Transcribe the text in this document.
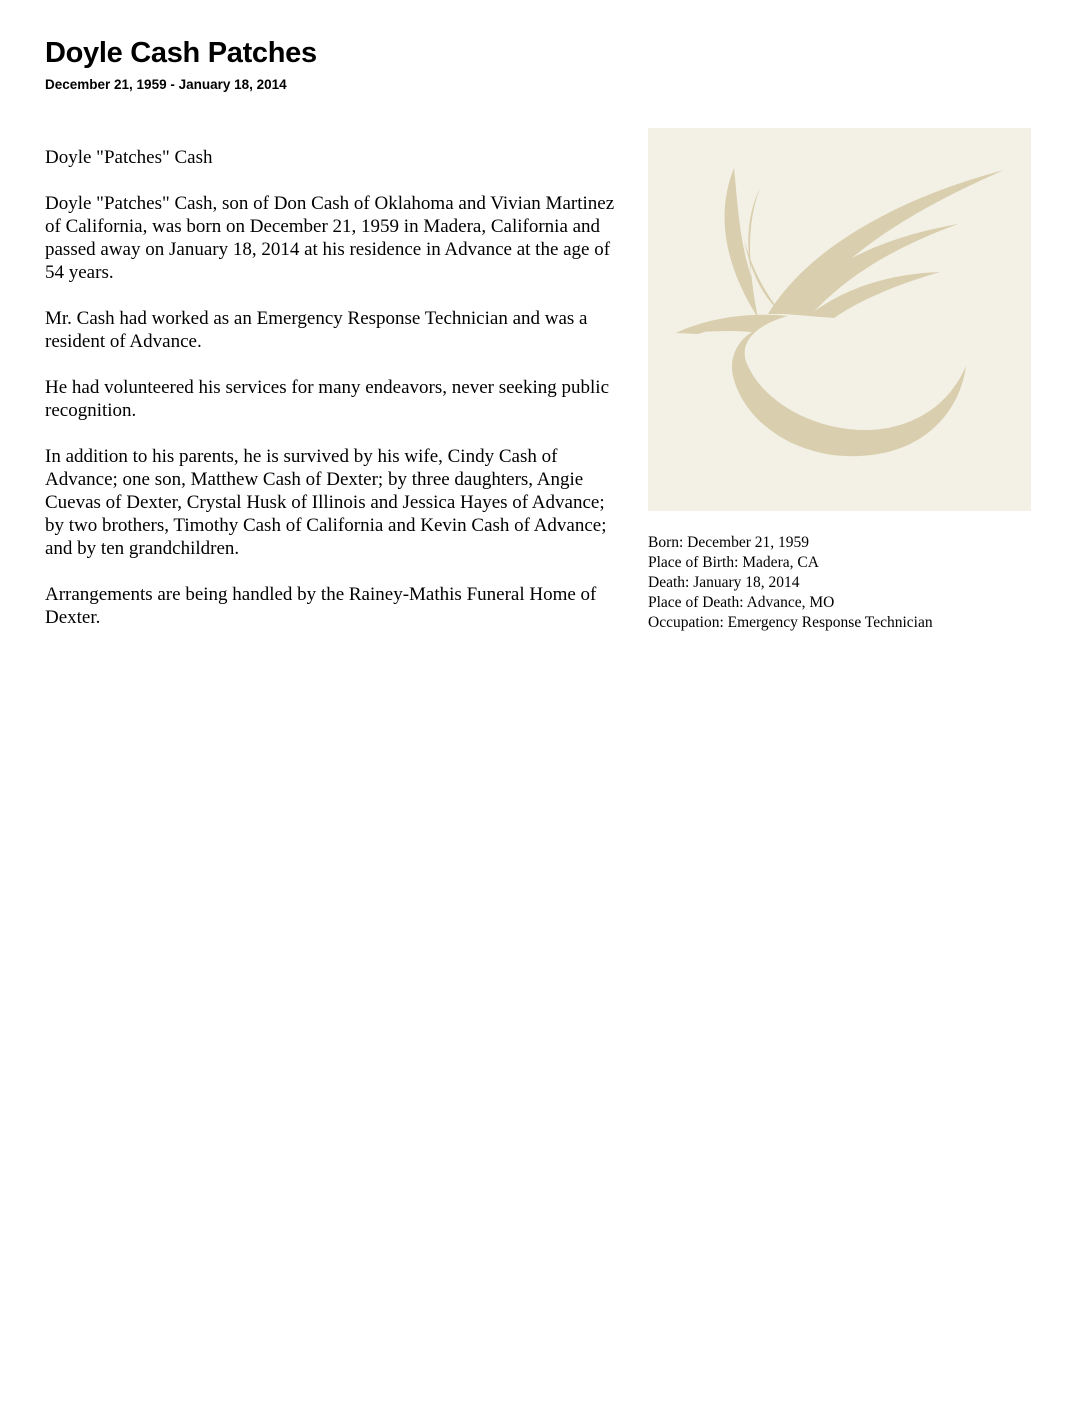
Doyle Cash Patches
December 21, 1959 - January 18, 2014

Doyle "Patches" Cash

Doyle "Patches" Cash, son of Don Cash of Oklahoma and Vivian Martinez of California, was born on December 21, 1959 in Madera, California and passed away on January 18, 2014 at his residence in Advance at the age of 54 years.

Mr. Cash had worked as an Emergency Response Technician and was a resident of Advance.

He had volunteered his services for many endeavors, never seeking public recognition.

In addition to his parents, he is survived by his wife, Cindy Cash of Advance; one son, Matthew Cash of Dexter; by three daughters, Angie Cuevas of Dexter, Crystal Husk of Illinois and Jessica Hayes of Advance; by two brothers, Timothy Cash of California and Kevin Cash of Advance; and by ten grandchildren.

Arrangements are being handled by the Rainey-Mathis Funeral Home of Dexter.

Born: December 21, 1959
Place of Birth: Madera, CA
Death: January 18, 2014
Place of Death: Advance, MO
Occupation: Emergency Response Technician
